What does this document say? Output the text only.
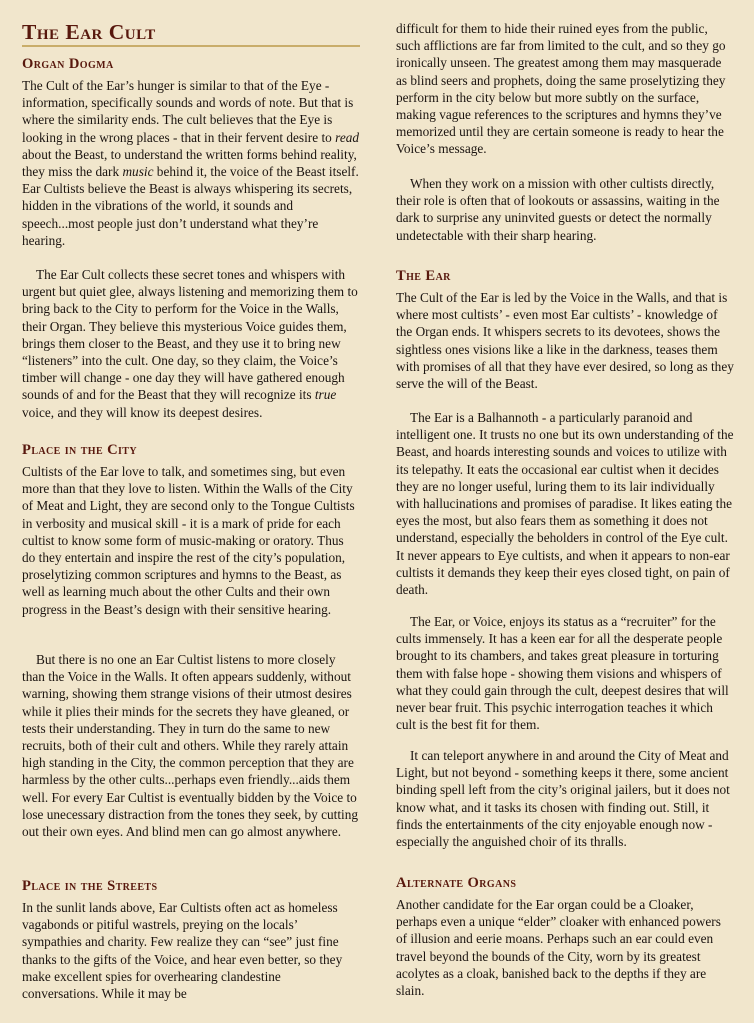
The Ear Cult
Organ Dogma

The Cult of the Ear’s hunger is similar to that of the Eye - information, specifically sounds and words of note. But that is where the similarity ends. The cult believes that the Eye is looking in the wrong places - that in their fervent desire to read about the Beast, to understand the written forms behind reality, they miss the dark music behind it, the voice of the Beast itself. Ear Cultists believe the Beast is always whispering its secrets, hidden in the vibrations of the world, it sounds and speech...most people just don’t understand what they’re hearing.

The Ear Cult collects these secret tones and whispers with urgent but quiet glee, always listening and memorizing them to bring back to the City to perform for the Voice in the Walls, their Organ. They believe this mysterious Voice guides them, brings them closer to the Beast, and they use it to bring new “listeners” into the cult. One day, so they claim, the Voice’s timber will change - one day they will have gathered enough sounds of and for the Beast that they will recognize its true voice, and they will know its deepest desires.

Place in the City

Cultists of the Ear love to talk, and sometimes sing, but even more than that they love to listen. Within the Walls of the City of Meat and Light, they are second only to the Tongue Cultists in verbosity and musical skill - it is a mark of pride for each cultist to know some form of music-making or oratory. Thus do they entertain and inspire the rest of the city’s population, proselytizing common scriptures and hymns to the Beast, as well as learning much about the other Cults and their own progress in the Beast’s design with their sensitive hearing.

But there is no one an Ear Cultist listens to more closely than the Voice in the Walls. It often appears suddenly, without warning, showing them strange visions of their utmost desires while it plies their minds for the secrets they have gleaned, or tests their understanding. They in turn do the same to new recruits, both of their cult and others. While they rarely attain high standing in the City, the common perception that they are harmless by the other cults...perhaps even friendly...aids them well. For every Ear Cultist is eventually bidden by the Voice to lose unecessary distraction from the tones they seek, by cutting out their own eyes. And blind men can go almost anywhere.

Place in the Streets

In the sunlit lands above, Ear Cultists often act as homeless vagabonds or pitiful wastrels, preying on the locals’ sympathies and charity. Few realize they can “see” just fine thanks to the gifts of the Voice, and hear even better, so they make excellent spies for overhearing clandestine conversations. While it may be

difficult for them to hide their ruined eyes from the public, such afflictions are far from limited to the cult, and so they go ironically unseen. The greatest among them may masquerade as blind seers and prophets, doing the same proselytizing they perform in the city below but more subtly on the surface, making vague references to the scriptures and hymns they’ve memorized until they are certain someone is ready to hear the Voice’s message.

When they work on a mission with other cultists directly, their role is often that of lookouts or assassins, waiting in the dark to surprise any uninvited guests or detect the normally undetectable with their sharp hearing.

The Ear

The Cult of the Ear is led by the Voice in the Walls, and that is where most cultists’ - even most Ear cultists’ - knowledge of the Organ ends. It whispers secrets to its devotees, shows the sightless ones visions like a like in the darkness, teases them with promises of all that they have ever desired, so long as they serve the will of the Beast.

The Ear is a Balhannoth - a particularly paranoid and intelligent one. It trusts no one but its own understanding of the Beast, and hoards interesting sounds and voices to utilize with its telepathy. It eats the occasional ear cultist when it decides they are no longer useful, luring them to its lair individually with hallucinations and promises of paradise. It likes eating the eyes the most, but also fears them as something it does not understand, especially the beholders in control of the Eye cult. It never appears to Eye cultists, and when it appears to non-ear cultists it demands they keep their eyes closed tight, on pain of death.

The Ear, or Voice, enjoys its status as a “recruiter” for the cults immensely. It has a keen ear for all the desperate people brought to its chambers, and takes great pleasure in torturing them with false hope - showing them visions and whispers of what they could gain through the cult, deepest desires that will never bear fruit. This psychic interrogation teaches it which cult is the best fit for them.

It can teleport anywhere in and around the City of Meat and Light, but not beyond - something keeps it there, some ancient binding spell left from the city’s original jailers, but it does not know what, and it tasks its chosen with finding out. Still, it finds the entertainments of the city enjoyable enough now - especially the anguished choir of its thralls.

Alternate Organs

Another candidate for the Ear organ could be a Cloaker, perhaps even a unique “elder” cloaker with enhanced powers of illusion and eerie moans. Perhaps such an ear could even travel beyond the bounds of the City, worn by its greatest acolytes as a cloak, banished back to the depths if they are slain.
